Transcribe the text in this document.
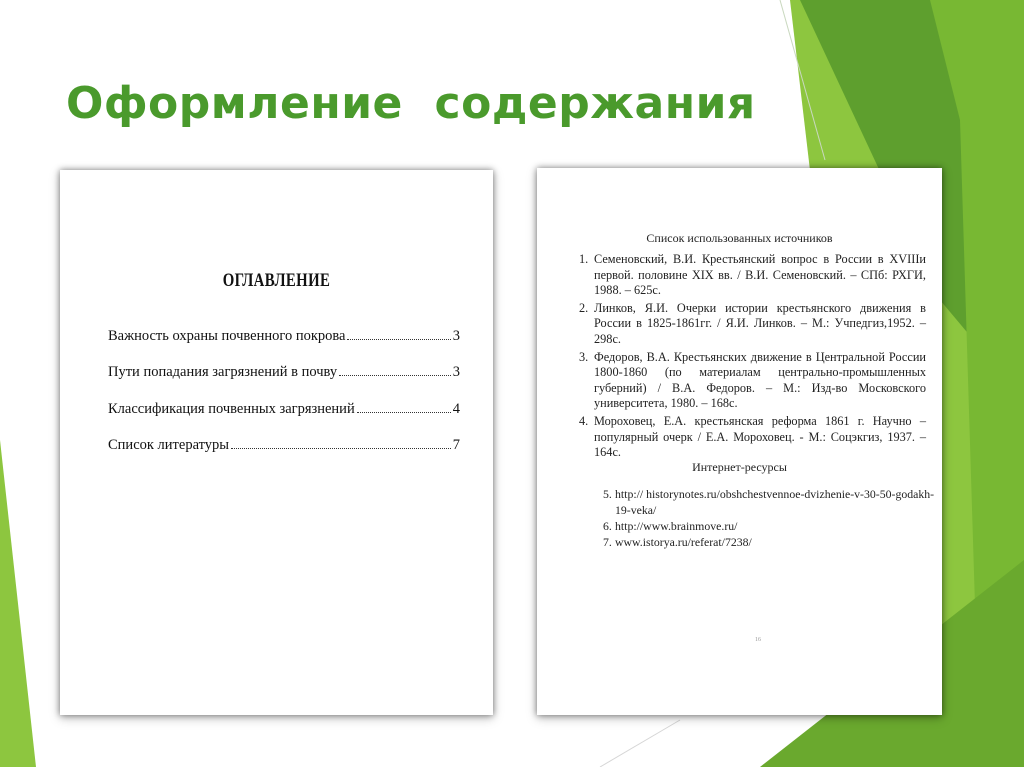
Оформление  содержания
ОГЛАВЛЕНИЕ
Важность охраны почвенного покрова	3
Пути попадания загрязнений в почву	3
Классификация почвенных загрязнений	4
Список литературы	7
Список использованных источников
1. Семеновский, В.И. Крестьянский вопрос в России в XVIIIи первой. половине XIX вв. / В.И. Семеновский. – СПб: РХГИ, 1988. – 625с.
2. Линков, Я.И. Очерки истории крестьянского движения в России в 1825-1861гг. / Я.И. Линков. – М.: Учпедгиз,1952. – 298с.
3. Федоров, В.А. Крестьянских движение в Центральной России 1800-1860 (по материалам центрально-промышленных губерний) / В.А. Федоров. – М.: Изд-во Московского университета, 1980. – 168с.
4. Мороховец, Е.А. крестьянская реформа 1861 г. Научно –популярный очерк / Е.А. Мороховец. - М.: Соцэкгиз, 1937. – 164с.
Интернет-ресурсы
5. http:// historynotes.ru/obshchestvennoe-dvizhenie-v-30-50-godakh-19-veka/
6. http://www.brainmove.ru/
7. www.istorya.ru/referat/7238/
16
